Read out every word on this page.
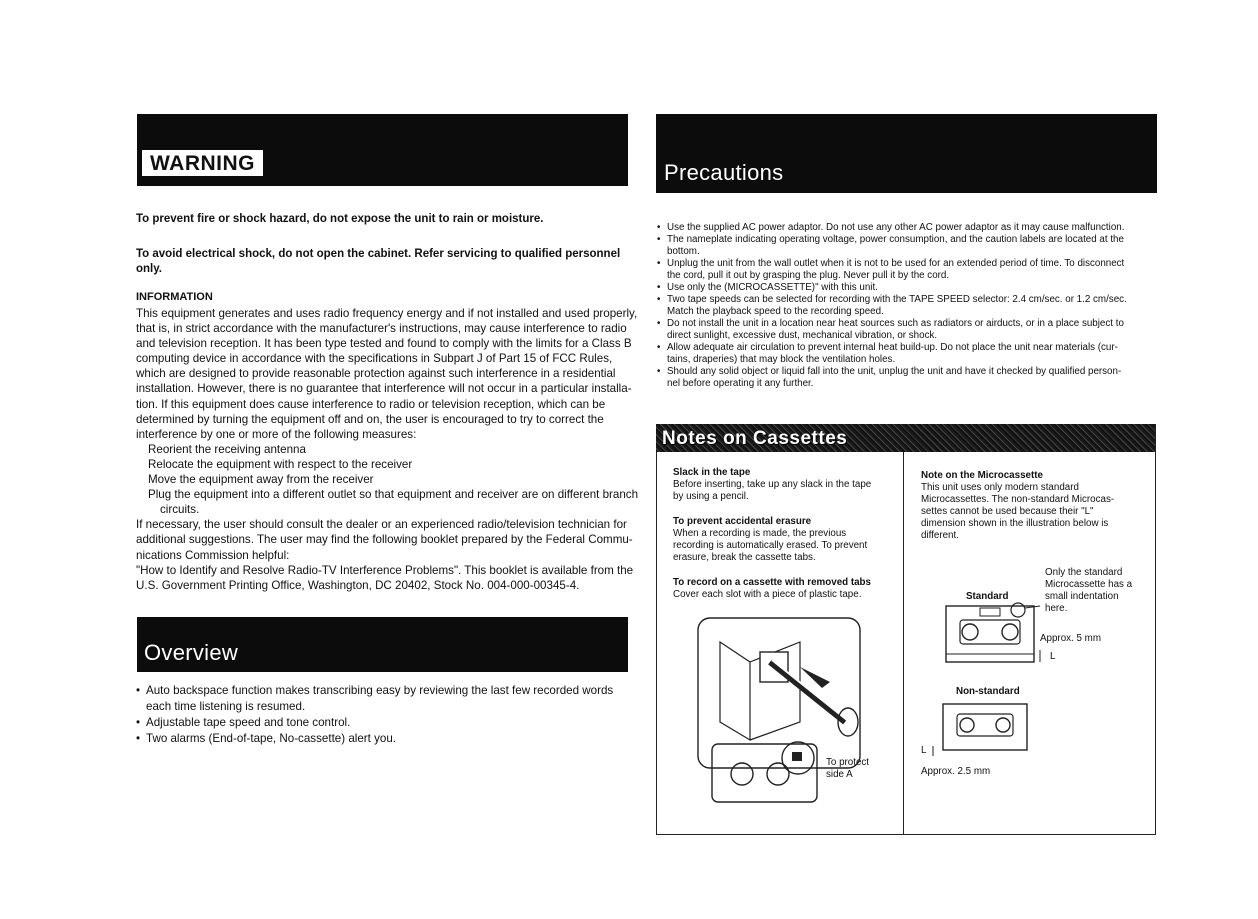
WARNING
To prevent fire or shock hazard, do not expose the unit to rain or moisture.
To avoid electrical shock, do not open the cabinet. Refer servicing to qualified personnel
only.
INFORMATION
This equipment generates and uses radio frequency energy and if not installed and used properly,
that is, in strict accordance with the manufacturer's instructions, may cause interference to radio
and television reception. It has been type tested and found to comply with the limits for a Class B
computing device in accordance with the specifications in Subpart J of Part 15 of FCC Rules,
which are designed to provide reasonable protection against such interference in a residential
installation. However, there is no guarantee that interference will not occur in a particular installa-
tion. If this equipment does cause interference to radio or television reception, which can be
determined by turning the equipment off and on, the user is encouraged to try to correct the
interference by one or more of the following measures:
Reorient the receiving antenna
Relocate the equipment with respect to the receiver
Move the equipment away from the receiver
Plug the equipment into a different outlet so that equipment and receiver are on different branch
circuits.
If necessary, the user should consult the dealer or an experienced radio/television technician for
additional suggestions. The user may find the following booklet prepared by the Federal Commu-
nications Commission helpful:
"How to Identify and Resolve Radio-TV Interference Problems". This booklet is available from the
U.S. Government Printing Office, Washington, DC 20402, Stock No. 004-000-00345-4.
Overview
• Auto backspace function makes transcribing easy by reviewing the last few recorded words
each time listening is resumed.
• Adjustable tape speed and tone control.
• Two alarms (End-of-tape, No-cassette) alert you.
Precautions
• Use the supplied AC power adaptor. Do not use any other AC power adaptor as it may cause malfunction.
• The nameplate indicating operating voltage, power consumption, and the caution labels are located at the
bottom.
• Unplug the unit from the wall outlet when it is not to be used for an extended period of time. To disconnect
the cord, pull it out by grasping the plug. Never pull it by the cord.
• Use only the (MICROCASSETTE)" with this unit.
• Two tape speeds can be selected for recording with the TAPE SPEED selector: 2.4 cm/sec. or 1.2 cm/sec.
Match the playback speed to the recording speed.
• Do not install the unit in a location near heat sources such as radiators or airducts, or in a place subject to
direct sunlight, excessive dust, mechanical vibration, or shock.
• Allow adequate air circulation to prevent internal heat build-up. Do not place the unit near materials (cur-
tains, draperies) that may block the ventilation holes.
• Should any solid object or liquid fall into the unit, unplug the unit and have it checked by qualified person-
nel before operating it any further.
Notes on Cassettes
Slack in the tape
Before inserting, take up any slack in the tape
by using a pencil.
To prevent accidental erasure
When a recording is made, the previous
recording is automatically erased. To prevent
erasure, break the cassette tabs.
To record on a cassette with removed tabs
Cover each slot with a piece of plastic tape.
To protect
side A
Note on the Microcassette
This unit uses only modern standard
Microcassettes. The non-standard Microcas-
settes cannot be used because their "L"
dimension shown in the illustration below is
different.
Only the standard
Microcassette has a
small indentation
here.
Standard
Approx. 5 mm
L
Non-standard
L
Approx. 2.5 mm
